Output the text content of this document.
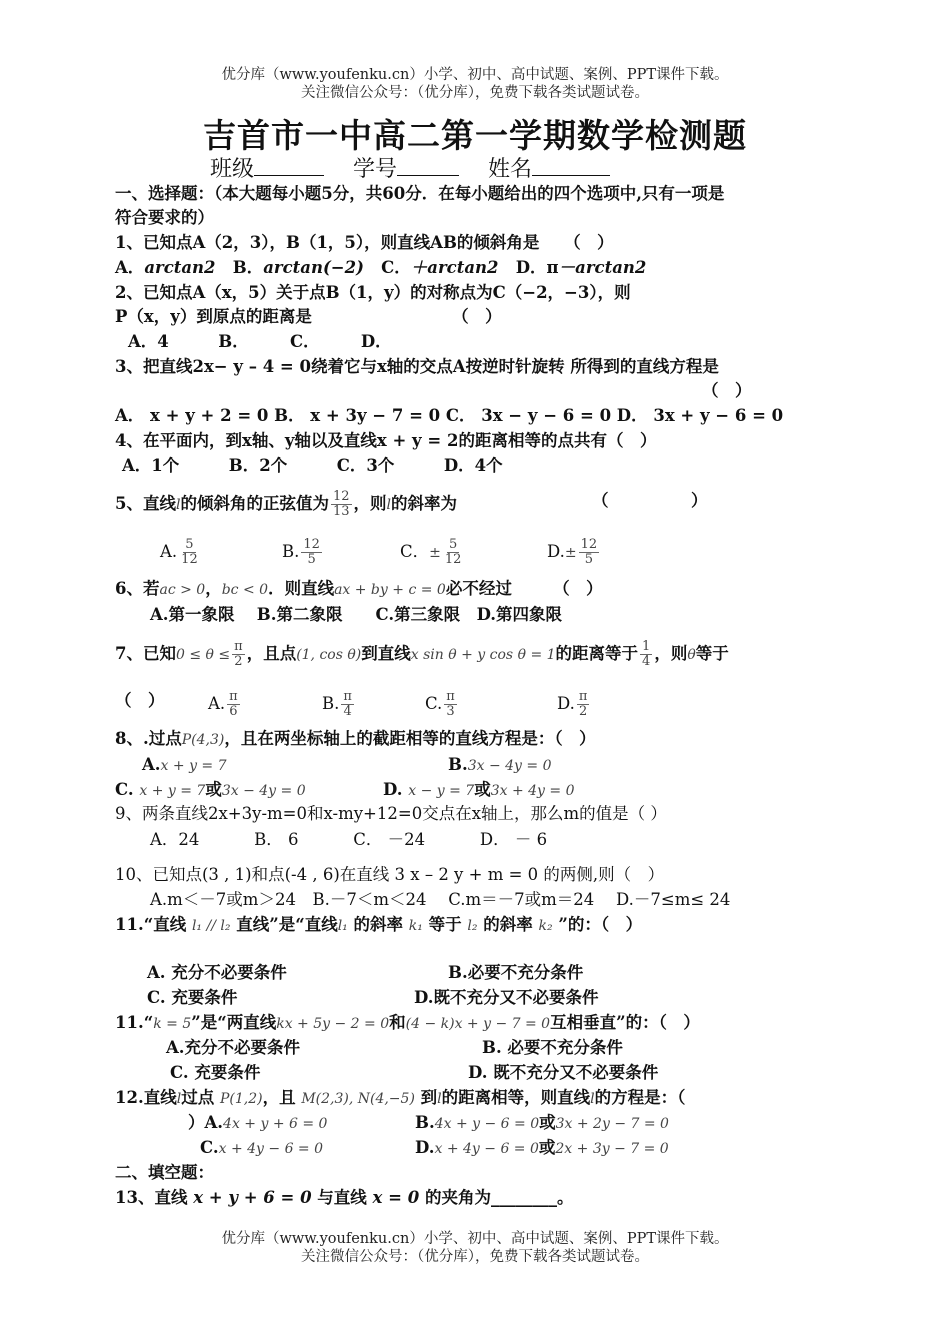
优分库（www.youfenku.cn）小学、初中、高中试题、案例、PPT课件下载。
关注微信公众号：（优分库），免费下载各类试题试卷。
吉首市一中高二第一学期数学检测题
班级	学号	姓名
一、选择题：（本大题每小题5分，共60分．在每小题给出的四个选项中,只有一项是
符合要求的）
1、已知点A（2，3），B（1，5），则直线AB的倾斜角是　　（　）
A．arctan2 B．arctan(−2) C．＋arctan2 D．π－arctan2
2、已知点A（x，5）关于点B（1，y）的对称点为C（−2，−3），则
P（x，y）到原点的距离是　　　　　　　　　（　）
A．4　　　B．　　　C．　　　D．
3、把直线2x− y – 4 = 0绕着它与x轴的交点A按逆时针旋转 所得到的直线方程是
（　）
A． x + y + 2 = 0 B． x + 3y − 7 = 0 C． 3x − y − 6 = 0 D． 3x + y − 6 = 0
4、在平面内，到x轴、y轴以及直线x + y = 2的距离相等的点共有（　）
A．1个　　　B．2个　　　C．3个　　　D．4个
5、直线l的倾斜角的正弦值为 $\frac{12}{13}$ ，则l的斜率为	（　　　　　）
A. $\frac{5}{12}$	B. $\frac{12}{5}$	C．± $\frac{5}{12}$	$D.\pm \frac{12}{5}$
6、若ac > 0，bc < 0．则直线ax + by + c = 0必不经过　　　（　）
A.第一象限　 B.第二象限　　C.第三象限　D.第四象限
7、已知$0 \le \theta \le \frac{\pi}{2}$ ，且点(1, cos θ)到直线x sin θ + y cos θ = 1的距离等于 $\frac{1}{4}$ ，则θ等于
（　）	A. $\frac{\pi}{6}$	B. $\frac{\pi}{4}$	C. $\frac{\pi}{3}$	D. $\frac{\pi}{2}$
8、.过点P(4,3)，且在两坐标轴上的截距相等的直线方程是：（　）
A.x + y = 7	B.3x − 4y = 0
C. x + y = 7或3x − 4y = 0	D. x − y = 7或3x + 4y = 0
9、两条直线2x+3y-m=0和x-my+12=0交点在x轴上，那么m的值是（ ）
A．24　　　 B． 6　　　 C． －24　　　 D． － 6
10、已知点(3 , 1)和点(-4 , 6)在直线 3 x – 2 y + m = 0 的两侧,则（　）
A.m＜－7或m＞24　B.－7＜m＜24　 C.m＝－7或m＝24　 D.－7≤m≤ 24
11.“直线 l₁ // l₂ 直线”是“直线l₁ 的斜率 k₁ 等于 l₂ 的斜率 k₂ ”的：（　）
A. 充分不必要条件	B.必要不充分条件
C. 充要条件	D.既不充分又不必要条件
11.“k = 5”是“两直线kx + 5y − 2 = 0和(4 − k)x + y − 7 = 0互相垂直”的：（　）
A.充分不必要条件	B. 必要不充分条件
C. 充要条件	D. 既不充分又不必要条件
12.直线l过点 P(1,2)，且 M(2,3), N(4,−5) 到l的距离相等，则直线l的方程是：（
）A.4x + y + 6 = 0	B.4x + y − 6 = 0或3x + 2y − 7 = 0
C.x + 4y − 6 = 0	D.x + 4y − 6 = 0或2x + 3y − 7 = 0
二、填空题：
13、直线 x + y + 6 = 0 与直线 x = 0 的夹角为________。
优分库（www.youfenku.cn）小学、初中、高中试题、案例、PPT课件下载。
关注微信公众号：（优分库），免费下载各类试题试卷。
